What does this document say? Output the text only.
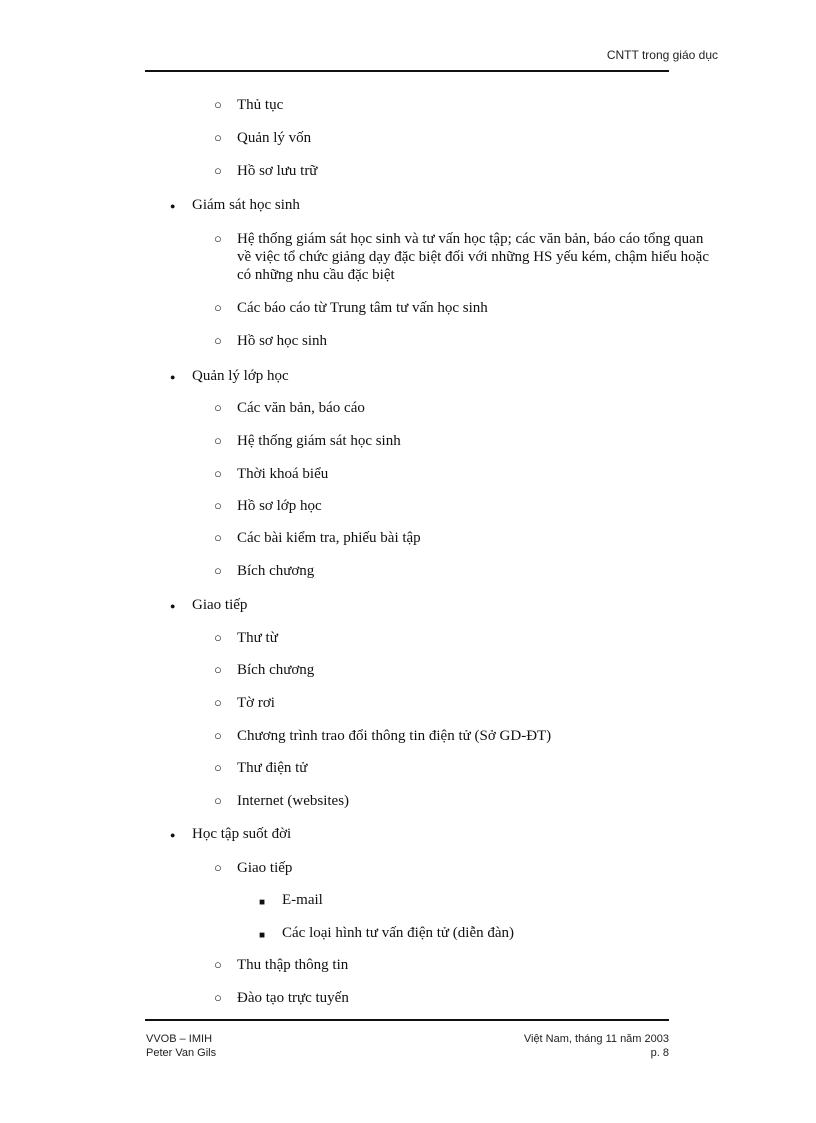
CNTT trong giáo dục
○ Thủ tục
○ Quản lý vốn
○ Hồ sơ lưu trữ
● Giám sát học sinh
○ Hệ thống giám sát học sinh và tư vấn học tập; các văn bản, báo cáo tổng quan về việc tổ chức giảng dạy đặc biệt đối với những HS yếu kém, chậm hiểu hoặc có những nhu cầu đặc biệt
○ Các báo cáo từ Trung tâm tư vấn học sinh
○ Hồ sơ học sinh
● Quản lý lớp học
○ Các văn bản, báo cáo
○ Hệ thống giám sát học sinh
○ Thời khoá biểu
○ Hồ sơ lớp học
○ Các bài kiểm tra, phiếu bài tập
○ Bích chương
● Giao tiếp
○ Thư từ
○ Bích chương
○ Tờ rơi
○ Chương trình trao đổi thông tin điện tử (Sở GD-ĐT)
○ Thư điện tử
○ Internet (websites)
● Học tập suốt đời
○ Giao tiếp
■ E-mail
■ Các loại hình tư vấn điện tử (diễn đàn)
○ Thu thập thông tin
○ Đào tạo trực tuyến
VVOB – IMIH
Peter Van Gils
Việt Nam, tháng 11 năm 2003
p. 8
